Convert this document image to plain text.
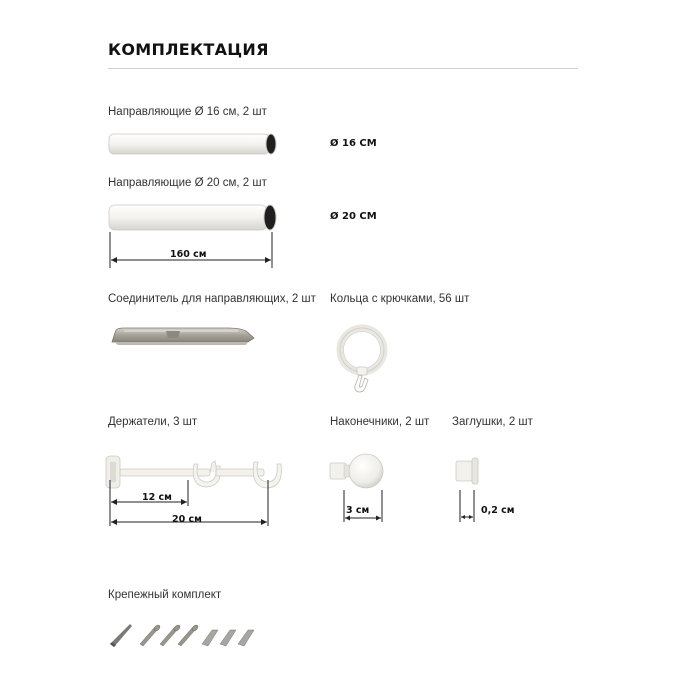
КОМПЛЕКТАЦИЯ
Направляющие Ø 16 см, 2 шт
Ø 16 СМ
Направляющие Ø 20 см, 2 шт
Ø 20 СМ
160 см
Соединитель для направляющих, 2 шт Кольца с крючками, 56 шт
Держатели, 3 шт
12 см
20 см
Наконечники, 2 шт
3 см
Заглушки, 2 шт
0,2 см
Крепежный комплект
